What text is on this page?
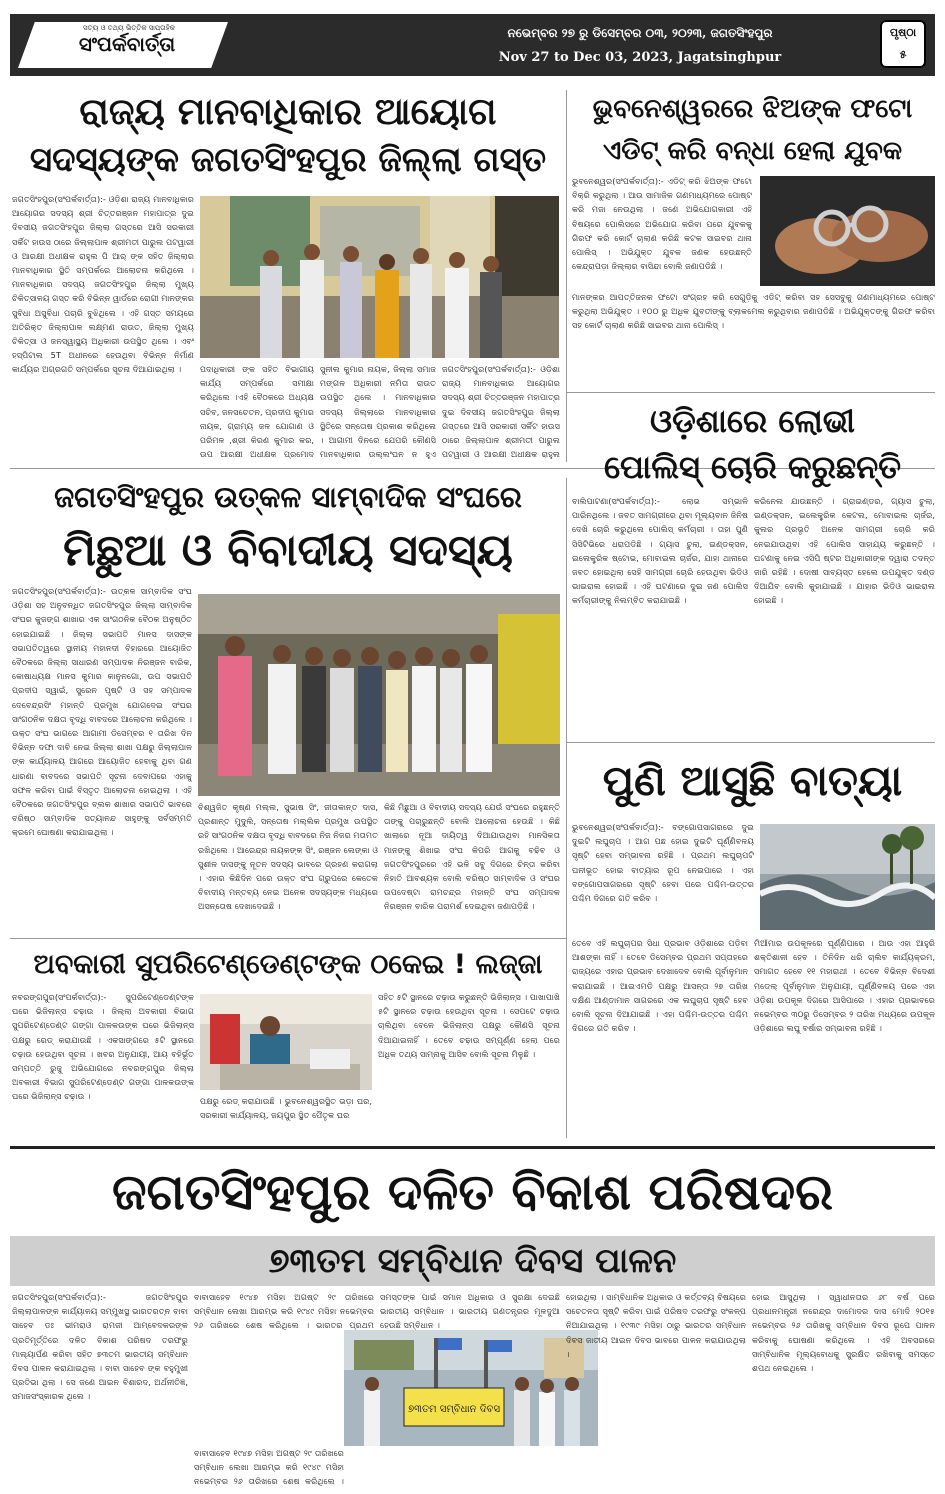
ସତ୍ୟ ଓ ତଥ୍ୟ ଭିତ୍ତିକ ସାପ୍ତାହିକ
ସଂପର୍କବାର୍ତ୍ତା	ନଭେମ୍ବର ୨୭ ରୁ ଡିସେମ୍ବର ୦୩, ୨୦୨୩, ଜଗତସିଂହପୁର
Nov 27 to Dec 03, 2023, Jagatsinghpur
ପୃଷ୍ଠା
୫
ରାଜ୍ୟ ମାନବାଧିକାର ଆୟୋଗ
ସଦସ୍ୟଙ୍କ ଜଗତସିଂହପୁର ଜିଲ୍ଲା ଗସ୍ତ
ଜଗତସିଂହପୁର(ସଂପର୍କବାର୍ତ୍ତା):- ଓଡ଼ିଶା ରାଜ୍ୟ ମାନବାଧିକାର ଆୟୋଗର ସଦସ୍ୟ ଶ୍ରୀ ଚିତ୍ତରଞ୍ଜନ ମହାପାତ୍ର ଦୁଇ ଦିବସୀୟ ଜଗତସିଂହପୁର ଜିଲ୍ଲା ଗସ୍ତରେ ଆସି ସରକାରୀ ସର୍କିଟ ହାଉସ ଠାରେ ଜିଲ୍ଲାପାଳ ଶ୍ରୀମତୀ ପାରୁଲ ପଟୱାରୀ ଓ ଆରକ୍ଷୀ ଅଧୀକ୍ଷକ ରାହୁଲ ପି ଆର୍ ଙ୍କ ସହିତ ଜିଲ୍ଲାର ମାନବାଧିକାର ସ୍ଥିତି ସମ୍ପର୍କରେ ଆଲୋଚନା କରିଥିଲେ । ମାନବାଧିକାର ସଦସ୍ୟ ଜଗତସିଂହପୁର ଜିଲ୍ଲା ମୁଖ୍ୟ ଚିକିତ୍ସାଳୟ ଗସ୍ତ କରି ବିଭିନ୍ନ ୱାର୍ଡରେ ରୋଗୀ ମାନଙ୍କର ସୁବିଧା ଅସୁବିଧା ପଚାରି ବୁଝିଥିଲେ । ଏହି ଗସ୍ତ ସମୟରେ ଅତିରିକ୍ତ ଜିଲ୍ଲାପାଳ ଲକ୍ଷ୍ମଣ ରାଉତ, ଜିଲ୍ଲା ମୁଖ୍ୟ ଚିକିତ୍ସା ଓ ଜନସ୍ୱାସ୍ଥ୍ୟ ଅଧିକାରୀ ଉପସ୍ଥିତ ଥିଲେ । ଏବଂ ହସ୍ପିଟାଲ 5T ଅଧୀନରେ ହେଉଥିବା ବିଭିନ୍ନ ନିର୍ମାଣ କାର୍ଯ୍ୟର ଅଗ୍ରଗତି ସମ୍ପର୍କରେ ସୂଚନା ଦିଆଯାଇଥିଲା ।	ପଦାଧିକାରୀ ଙ୍କ ସହିତ ବିଭାଗୀୟ କାର୍ଯ୍ୟ ସମ୍ପର୍କରେ ସମୀକ୍ଷା କରିଥିଲେ ।ଏହି ବୈଠକରେ ଅଧ୍ୟକ୍ଷ ସଚିବ, ଜନସଚେତନ, ପ୍ରଦୀପ କୁମାର ନାୟକ, ଗ୍ରାମ୍ୟ ଜଳ ଯୋଗାଣ ଓ ପରିମଳ ,ଶ୍ରୀ କିରଣ କୁମାର କର, ଉପ ଆରକ୍ଷୀ ଅଧୀକ୍ଷକ ପ୍ରମୋଦ
ସୁନୀଲ କୁମାର ନାୟକ, ଜିଲ୍ଲା ସମାଜ ମଙ୍ଗଳ ଅଧିକାରୀ ନମିତା ରାଉତ ଉପସ୍ଥିତ ଥିଲେ । ମାନବାଧିକାର ସଦସ୍ୟ ଜିଲ୍ଲାରେ ମାନବାଧିକାର ସ୍ଥିତିରେ ସନ୍ତୋଷ ପ୍ରକାଶ କରିଥିଲେ । ଆଗାମୀ ଦିନରେ ଯେପରି କୌଣସି ମାନବାଧିକାର ଉଲ୍ଲଂଘନ ନ ହୁଏ
ଜଗତସିଂହପୁର(ସଂପର୍କବାର୍ତ୍ତା):- ଓଡ଼ିଶା ରାଜ୍ୟ ମାନବାଧିକାର ଆୟୋଗର ସଦସ୍ୟ ଶ୍ରୀ ଚିତ୍ତରଞ୍ଜନ ମହାପାତ୍ର ଦୁଇ ଦିବସୀୟ ଜଗତସିଂହପୁର ଜିଲ୍ଲା ଗସ୍ତରେ ଆସି ସରକାରୀ ସର୍କିଟ ହାଉସ ଠାରେ ଜିଲ୍ଲାପାଳ ଶ୍ରୀମତୀ ପାରୁଲ ପଟୱାରୀ ଓ ଆରକ୍ଷୀ ଅଧୀକ୍ଷକ ରାହୁଲ
ଭୁବନେଶ୍ୱରରେ ଝିଅଙ୍କ ଫଟୋ
ଏଡିଟ୍ କରି ବନ୍ଧା ହେଲା ଯୁବକ
ଭୁବନେଶ୍ୱର(ସଂପର୍କବାର୍ତ୍ତା):- ଏଡିଟ୍ କରି ଝିଅଙ୍କ ଫଟୋ ବିକ୍ରି କରୁଥିଲା । ଆଉ ସାମାଜିକ ଗଣମାଧ୍ୟମରେ ପୋଷ୍ଟ କରି ମଜା ନେଉଥିଲା । ଜଣେ ଅଭିଯୋଗକାରୀ ଏହି ବିଷୟରେ ପୋଲିସରେ ଅଭିଯୋଗ କରିବା ପରେ ଯୁବକକୁ ଗିରଫ କରି କୋର୍ଟ ଚାଲାଣ କରିଛି କଟକ ସାଇବର ଥାନା ପୋଲିସ୍ । ଅଭିଯୁକ୍ତ ଯୁବକ ଜଣକ ହେଉଛନ୍ତି କେନ୍ଦ୍ରାପଡ଼ା ଜିଲ୍ଲାର ବାସିନ୍ଦା ବୋଲି ଜଣାପଡିଛି ।
ମାନଙ୍କର ଆପତ୍ତିଜନକ ଫଟୋ ସଂଗ୍ରହ କରି ସେଗୁଡ଼ିକୁ ଏଡିଟ୍ କରିବା ସହ ସେସବୁକୁ ଗଣମାଧ୍ୟମରେ ପୋଷ୍ଟ କରୁଥିଲା ଅଭିଯୁକ୍ତ । ୧୦୦ ରୁ ଅଧିକ ଯୁବତୀଙ୍କୁ ବ୍ଲାକମେଲ କରୁଥିବାର ଜଣାପଡିଛି । ଅଭିଯୁକ୍ତଙ୍କୁ ଗିରଫ କରିବା ସହ କୋର୍ଟ ଚାଲାଣ କରିଛି ସାଇବର ଥାନା ପୋଲିସ୍ ।
ଓଡ଼ିଶାରେ ଲୋଭୀ
ପୋଲିସ୍ ଚୋରି କରୁଛନ୍ତି
ବାଲିପାଟଣା(ସଂପର୍କବାର୍ତ୍ତା):- ଲୋଭ ସମ୍ଭାଳି ପାରିନଥିଲେ । ଜବତ ସାମଗ୍ରୀରେ ଥିବା ମୂଲ୍ୟବାନ ଜିନିଷ ଦେଖି ଚୋରି କରୁଥିଲେ ପୋଲିସ୍ କର୍ମଚାରୀ । ତାହା ପୁଣି ସିସିଟିଭିରେ ଧରାପଡିଛି । ଗ୍ୟାସ ଚୁଲା, ଇଣ୍ଡକ୍ସନ, ଇଲେକ୍ଟ୍ରିକ ଷ୍ଟୋଭ, ମୋବାଇଲ ଚାର୍ଜର, ଯାହା ଥାନାରେ ଜବତ ହୋଇଥିଲା ସେହି ସାମଗ୍ରୀ ଚୋରି ହେଉଥିବା ଭିଡିଓ ଭାଇରାଲ ହୋଇଛି । ଏହି ଘଟଣାରେ ଦୁଇ ଜଣ ପୋଲିସ କର୍ମଚାରୀଙ୍କୁ ନିଲମ୍ବିତ କରାଯାଇଛି ।
କରିନେଲ ଯାଉଛନ୍ତି । ଗ୍ରାଇଣ୍ଡର, ଗ୍ୟାସ ଚୁଲା, ଇଣ୍ଡକ୍ସନ, ଇଲେକ୍ଟ୍ରିକ କେଟଲ, ମୋବାଇଲ ଚାର୍ଜର, କୁଲର ପ୍ରଭୃତି ଅନେକ ସାମଗ୍ରୀ ଚୋରି କରି ନେଇଯାଉଥିବା ଏହି ପୋଲିସ ସାହାଯ୍ୟ କରୁଛନ୍ତି । ଘଟଣାକୁ ନେଇ ଏସିପି ଷ୍ଟର ଅଧିକାରୀଙ୍କ ଦ୍ୱାରା ତଦନ୍ତ ଜାରି ରହିଛି । ଦୋଷୀ ସାବ୍ୟସ୍ତ ହେଲେ ଉପଯୁକ୍ତ ଦଣ୍ଡ ଦିଆଯିବ ବୋଲି କୁହାଯାଇଛି । ଯାହାର ଭିଡିଓ ଭାଇରାଲ ହୋଇଛି ।
ଜଗତସିଂହପୁର ଉତ୍କଳ ସାମ୍ବାଦିକ ସଂଘରେ
ମିଛୁଆ ଓ ବିବାଦୀୟ ସଦସ୍ୟ
ଜଗତସିଂହପୁର(ସଂପର୍କବାର୍ତ୍ତା):- ଉତ୍କଳ ସାମ୍ବାଦିକ ସଂଘ ଓଡ଼ିଶା ସହ ଅନୁବନ୍ଧିତ ଜଗତସିଂହପୁର ଜିଲ୍ଲା ସାମ୍ବାଦିକ ସଂଘର କୁଜଙ୍ଗ ଶାଖାର ଏକ ସାଂଗଠନିକ ବୈଠକ ଅନୁଷ୍ଠିତ ହୋଇଯାଇଛି । ଜିଲ୍ଲା ସଭାପତି ମାନସ ଦାସଙ୍କ ସଭାପତିତ୍ୱରେ ସ୍ଥାନୀୟ ମହାନଦୀ ବିହାରରେ ଆୟୋଜିତ ବୈଠକରେ ଜିଲ୍ଲା ସାଧାରଣ ସମ୍ପାଦକ ନିରଞ୍ଜନ ବାରିକ, କୋଷାଧ୍ୟକ୍ଷ ମାନସ କୁମାର କାନୁନଗୋ, ଉପ ସଭାପତି ପ୍ରଦୀପ ସ୍ୱାଇଁ, ସୁରେନ ପୃଷ୍ଟି ଓ ସହ ସମ୍ପାଦକ ଦେବେନ୍ଦ୍ରସିଂ ମହାନ୍ତି ପ୍ରମୁଖ ଯୋଗଦେଇ ସଂଘର ସାଂଗଠନିକ ଦକ୍ଷତା ବୃଦ୍ଧି ବାବଦରେ ଆଲୋଚନା କରିଥିଲେ । ଉକ୍ତ ସଂଘ ଭାଗରେ ଆଗାମୀ ଡିସେମ୍ବର ୧ ତାରିଖ ଦିନ ବିଭିନ୍ନ ଦଫା ଦାବି ନେଇ ଜିଲ୍ଲା ଶାଖା ପକ୍ଷରୁ ଜିଲ୍ଲାପାଳ ଙ୍କ କାର୍ଯ୍ୟାଳୟ ଆଗରେ ଆୟୋଜିତ ହେବାକୁ ଥିବା ଗଣ ଧାରଣା ବାବଦରେ ସଭାପତି ସୂଚନା ଦେବାପରେ ଏହାକୁ ସଫଳ କରିବା ପାଇଁ ବିସ୍ତୃତ ଆଲୋଚନା ହୋଇଥିଲା । ଏହି ବୈଠକରେ ଜଗତସିଂହପୁର ବ୍ଲକ ଶାଖାର ସଭାପତି ଭାବରେ ବରିଷ୍ଠ ସାମ୍ବାଦିକ ସତ୍ୟାନନ୍ଦ ସାହୁଙ୍କୁ ସର୍ବସମ୍ମତି କ୍ରମେ ଘୋଷଣା କରାଯାଇଥିଲା ।
ବିଶ୍ୱଜିତ କୃଷ୍ଣ ମଲ୍ଲ, ସୁଭାଷ ସିଂ, ଜୀତାକାନ୍ତ ଦାସ, ପ୍ରଶାନ୍ତ ମୁଦୁଲି, ସନ୍ତୋଷ ମଲ୍ଲିକ ପ୍ରମୁଖ ଉପସ୍ଥିତ ରହି ସାଂଗଠନିକ ଦକ୍ଷତା ବୃଦ୍ଧି ବାବଦରେ ନିଜ ନିଜର ମତାମତ ରଖିଥିଲେ । ଆରେନ୍ଦ୍ର ନାୟକଙ୍କ ସିଂ, ରଞ୍ଜନ ଲେଙ୍କା ଓ ସୁଶୀଳ ଦାସଙ୍କୁ ନୂତନ ସଦସ୍ୟ ଭାବରେ ଗ୍ରହଣ କରାଗଲା । ଏହାର କିଛିଦିନ ପରେ ଉକ୍ତ ସଂଘ ଗ୍ରୁପରେ କେତେକ ବିବାଦୀୟ ମନ୍ତବ୍ୟ ନେଇ ଅନେକ ସଦସ୍ୟଙ୍କ ମଧ୍ୟରେ ଅସନ୍ତୋଷ ଦେଖାଦେଇଛି ।
କିଛି ମିଛୁଆ ଓ ବିବାଦୀୟ ସଦସ୍ୟ ଯେଉଁ ସଂଘରେ ରହୁଛନ୍ତି ତାଙ୍କୁ ପଚାରୁଛନ୍ତି ବୋଲି ଆଲୋଚନା ହେଉଛି । କିଛି ଖାଲାରେ ନୂଆ ଦାୟିତ୍ୱ ଦିଆଯାଉଥିବା ମାନସିକତା ମାନଙ୍କୁ ଶିଖାଇ ସଂଘ କିପରି ଆଗକୁ ବଢିବ ଓ ଜଗତସିଂହପୁରରେ ଏହି ଭଳି ସବୁ ଦିଗରେ ଚିନ୍ତା କରିବା ନିହାତି ଆବଶ୍ୟକ ବୋଲି ବରିଷ୍ଠ ସାମ୍ବାଦିକ ଓ ସଂଘର ଉପଦେଷ୍ଟା ରାମଚନ୍ଦ୍ର ମହାନ୍ତି ସଂଘ ସମ୍ପାଦକ ନିରଞ୍ଜନ ବାରିକ ପରାମର୍ଶ ଦେଇଥିବା ଜଣାପଡ଼ିଛି ।
ପୁଣି ଆସୁଛି ବାତ୍ୟା
ଭୁବନେଶ୍ୱର(ସଂପର୍କବାର୍ତ୍ତା):- ବଙ୍ଗୋପସାଗରରେ ଦୁଇ ଦୁଇଟି ଲଘୁଚାପ । ଆଗ ପଛ ହୋଇ ଦୁଇଟି ଘୂର୍ଣ୍ଣିବଳୟ ସୃଷ୍ଟି ହେବା ସମ୍ଭାବନା ରହିଛି । ପ୍ରଥମ ଲଘୁଚାପଟି ଘନୀଭୂତ ହୋଇ ବାତ୍ୟାର ରୂପ ନେଇପାରେ । ଏହା ବଙ୍ଗୋପସାଗରରେ ସୃଷ୍ଟି ହେବା ପରେ ପଶ୍ଚିମ-ଉତ୍ତର ପଶ୍ଚିମ ଦିଗରେ ଗତି କରିବ ।
ତେବେ ଏହି ଲଘୁଚାପର ସିଧା ପ୍ରଭାବ ଓଡ଼ିଶାରେ ପଡ଼ିବା ଆଶଙ୍କା ନାହିଁ । ତେବେ ଡିସେମ୍ବର ପ୍ରଥମ ସପ୍ତାହରେ ରାଜ୍ୟରେ ଏହାର ପ୍ରଭାବ ଦେଖାଦେବ ବୋଲି ପୂର୍ବାନୁମାନ କରାଯାଇଛି । ଆଇଏମଡି ପକ୍ଷରୁ ଆସନ୍ତା ୨୭ ତାରିଖ ଦକ୍ଷିଣ ଆଣ୍ଡାମାନ ସାଗରରେ ଏକ ଲଘୁଚାପ ସୃଷ୍ଟି ହେବ ବୋଲି ସୂଚନା ଦିଆଯାଇଛି । ଏହା ପଶ୍ଚିମ-ଉତ୍ତର ପଶ୍ଚିମ ଦିଗରେ ଗତି କରିବ ।
ମିଆଁମାର ଉପକୂଳରେ ଘୂର୍ଣ୍ଣିପାରେ । ଆଉ ଏହା ଆହୁରି ଶକ୍ତିଶାଳୀ ହେବ । ତିନିଦିନ ଧରି ଚାଲିବ କାର୍ଯ୍ୟକ୍ରମ, ସମାଗତ ହେବେ ୧୧ ମହାରାଥୀ । ତେବେ ବିଭିନ୍ନ ବିଦେଶୀ ମଡେଲ୍ ପୂର୍ବାନୁମାନ ଅନୁଯାୟୀ, ଘୂର୍ଣ୍ଣିବଳୟ ପରେ ଏହା ଓଡ଼ିଶା ଉପକୂଳ ଦିଗରେ ଆସିପାରେ । ଏହାର ପ୍ରଭାବରେ ନଭେମ୍ବର ୩୦ରୁ ଡିସେମ୍ବର ୨ ତାରିଖ ମଧ୍ୟରେ ଉପକୂଳ ଓଡ଼ିଶାରେ ଲଘୁ ବର୍ଷାର ସମ୍ଭାବନା ରହିଛି ।
ଅବକାରୀ ସୁପରିଟେଣ୍ଡେଣ୍ଟଙ୍କ ଠକେଇ ! ଲଜ୍ଜା
ନବରଙ୍ଗପୁର(ସଂପର୍କବାର୍ତ୍ତା):- ସୁପରିଟେଣ୍ଡେଣ୍ଟଙ୍କ ଘରେ ଭିଜିଲାନ୍ସ ଚଢ଼ାଉ । ଜିଲ୍ଲା ଅବକାରୀ ବିଭାଗ ସୁପରିଟେଣ୍ଡେଣ୍ଟ ଗଙ୍ଗା ପାଳକଉଙ୍କ ଘରେ ଭିଜିଲାନ୍ସ ପକ୍ଷରୁ ରେଡ୍ କରାଯାଉଛି । ଏକସାଙ୍ଗରେ ୫ଟି ସ୍ଥାନରେ ଚଢ଼ାଉ ହେଉଥିବା ସୂଚନା । ଖବର ଅନୁଯାୟୀ, ଆୟ ବହିର୍ଭୂତ ସମ୍ପତ୍ତି ରୁଜୁ ଅଭିଯୋଗରେ ନବରଙ୍ଗପୁର ଜିଲ୍ଲା ଅବକାରୀ ବିଭାଗ ସୁପରିଟେଣ୍ଡେଣ୍ଟ ଗଙ୍ଗା ପାଳକଉଙ୍କ ଘରେ ଭିଜିଲାନ୍ସ ଚଢ଼ାଉ ।	ପକ୍ଷରୁ ରେଡ୍ କରାଯାଉଛି । ଭୁବନେଶ୍ୱରସ୍ଥିତ ଭଡ଼ା ଘର, ସରକାରୀ କାର୍ଯ୍ୟାଳୟ, ଜୟପୁର ସ୍ଥିତ ପୈତୃକ ଘର
ସହିତ ୫ଟି ସ୍ଥାନରେ ଚଢ଼ାଉ କରୁଛନ୍ତି ଭିଜିଲାନ୍ସ । ପାଖାପାଖି ୫ଟି ସ୍ଥାନରେ ଚଢ଼ାଉ ହେଉଥିବା ସୂଚନା । ସେପଟେ ଚଢ଼ାଉ ଚାଲିଥିବା ବେଳେ ଭିଜିଲାନ୍ସ ପକ୍ଷରୁ କୌଣସି ସୂଚନା ଦିଆଯାଇନାହିଁ । ତେବେ ଚଢ଼ାଉ ସମ୍ପୂର୍ଣ୍ଣ ହେଲା ପରେ ଅଧିକ ତଥ୍ୟ ସାମ୍ନାକୁ ଆସିବ ବୋଲି ସୂଚନା ମିଳୁଛି ।
ଜଗତସିଂହପୁର ଦଳିତ ବିକାଶ ପରିଷଦର
୭୩ତମ ସମ୍ବିଧାନ ଦିବସ ପାଳନ
ଜଗତସିଂହପୁର(ସଂପର୍କବାର୍ତ୍ତା):- ଜଗତସିଂହପୁର ଜିଲ୍ଲାପାଳଙ୍କ କାର୍ଯ୍ୟାଳୟ ସମ୍ମୁଖସ୍ଥ ଭାରତରତ୍ନ ବାବା ସାହେବ ଡଃ ଭୀମରାଓ ରାମଜୀ ଆମ୍ବେଦକରଙ୍କ ପ୍ରତିମୂର୍ତ୍ତିରେ ଦଳିତ ବିକାଶ ପରିଷଦ ତରଫରୁ ମାଲ୍ୟାର୍ପଣ କରିବା ସହିତ ୭୩ତମ ଭାରତୀୟ ସମ୍ବିଧାନ ଦିବସ ପାଳନ କରାଯାଇଥିଲା । ବାବା ସାହେବ ଙ୍କ ବହୁମୁଖୀ ପ୍ରତିଭା ଥିଲା । ସେ ଜଣେ ଆଇନ ବିଶାରଦ, ଅର୍ଥନୀତିଜ୍ଞ, ସମାଜସଂସ୍କାରକ ଥିଲେ ।
ବାବାସାହେବ ୧୯୪୭ ମସିହା ଅଗଷ୍ଟ ୨୯ ତାରିଖରେ ସମ୍ବିଧାନ ଲେଖା ଆରମ୍ଭ କରି ୧୯୪୯ ମସିହା ନଭେମ୍ବର ୨୬ ତାରିଖରେ ଶେଷ କରିଥିଲେ । ଭାରତର ପ୍ରଥମ
ସମସ୍ତଙ୍କ ପାଇଁ ସମାନ ଅଧିକାର ଓ ସୁରକ୍ଷା ଦେଇଛି ଭାରତୀୟ ସମ୍ବିଧାନ । ଭାରତୀୟ ଗଣତନ୍ତ୍ରର ମୂଳଦୁଆ ହେଉଛି ସମ୍ବିଧାନ ।
୭୩ତମ ସମ୍ବିଧାନ ଦିବସ
ବାବାସାହେବ ୧୯୪୭ ମସିହା ଅଗଷ୍ଟ ୨୯ ତାରିଖରେ ସମ୍ବିଧାନ ଲେଖା ଆରମ୍ଭ କରି ୧୯୪୯ ମସିହା ନଭେମ୍ବର ୨୬ ତାରିଖରେ ଶେଷ କରିଥିଲେ ।
ହୋଇଥିଲା । ସାମ୍ବିଧାନିକ ଅଧିକାର ଓ କର୍ତ୍ତବ୍ୟ ବିଷୟରେ ସଚେତନତା ସୃଷ୍ଟି କରିବା ପାଇଁ ପରିଷଦ ତରଫରୁ ସଂକଳ୍ପ ନିଆଯାଇଥିଲା । ୧୯୩୯ ମସିହା ଠାରୁ ଭାରତର ସମ୍ବିଧାନ ଦିବସ ଜାତୀୟ ଆଇନ ଦିବସ ଭାବରେ ପାଳନ କରାଯାଉଥିଲା ।
ହୋଇ ଆସୁଥିଲା । ସ୍ୱାଧୀନତାର ୬୮ ବର୍ଷ ପରେ ପ୍ରଧାନମନ୍ତ୍ରୀ ନରେନ୍ଦ୍ର ଦାମୋଦର ଦାସ ମୋଦି ୨୦୧୫ ନଭେମ୍ବର ୨୬ ତାରିଖକୁ ସମ୍ବିଧାନ ଦିବସ ରୂପେ ପାଳନ କରିବାକୁ ଘୋଷଣା କରିଥିଲେ । ଏହି ଅବସରରେ ସାମ୍ବିଧାନିକ ମୂଲ୍ୟବୋଧକୁ ସୁରକ୍ଷିତ ରଖିବାକୁ ସମସ୍ତେ ଶପଥ ନେଇଥିଲେ ।
